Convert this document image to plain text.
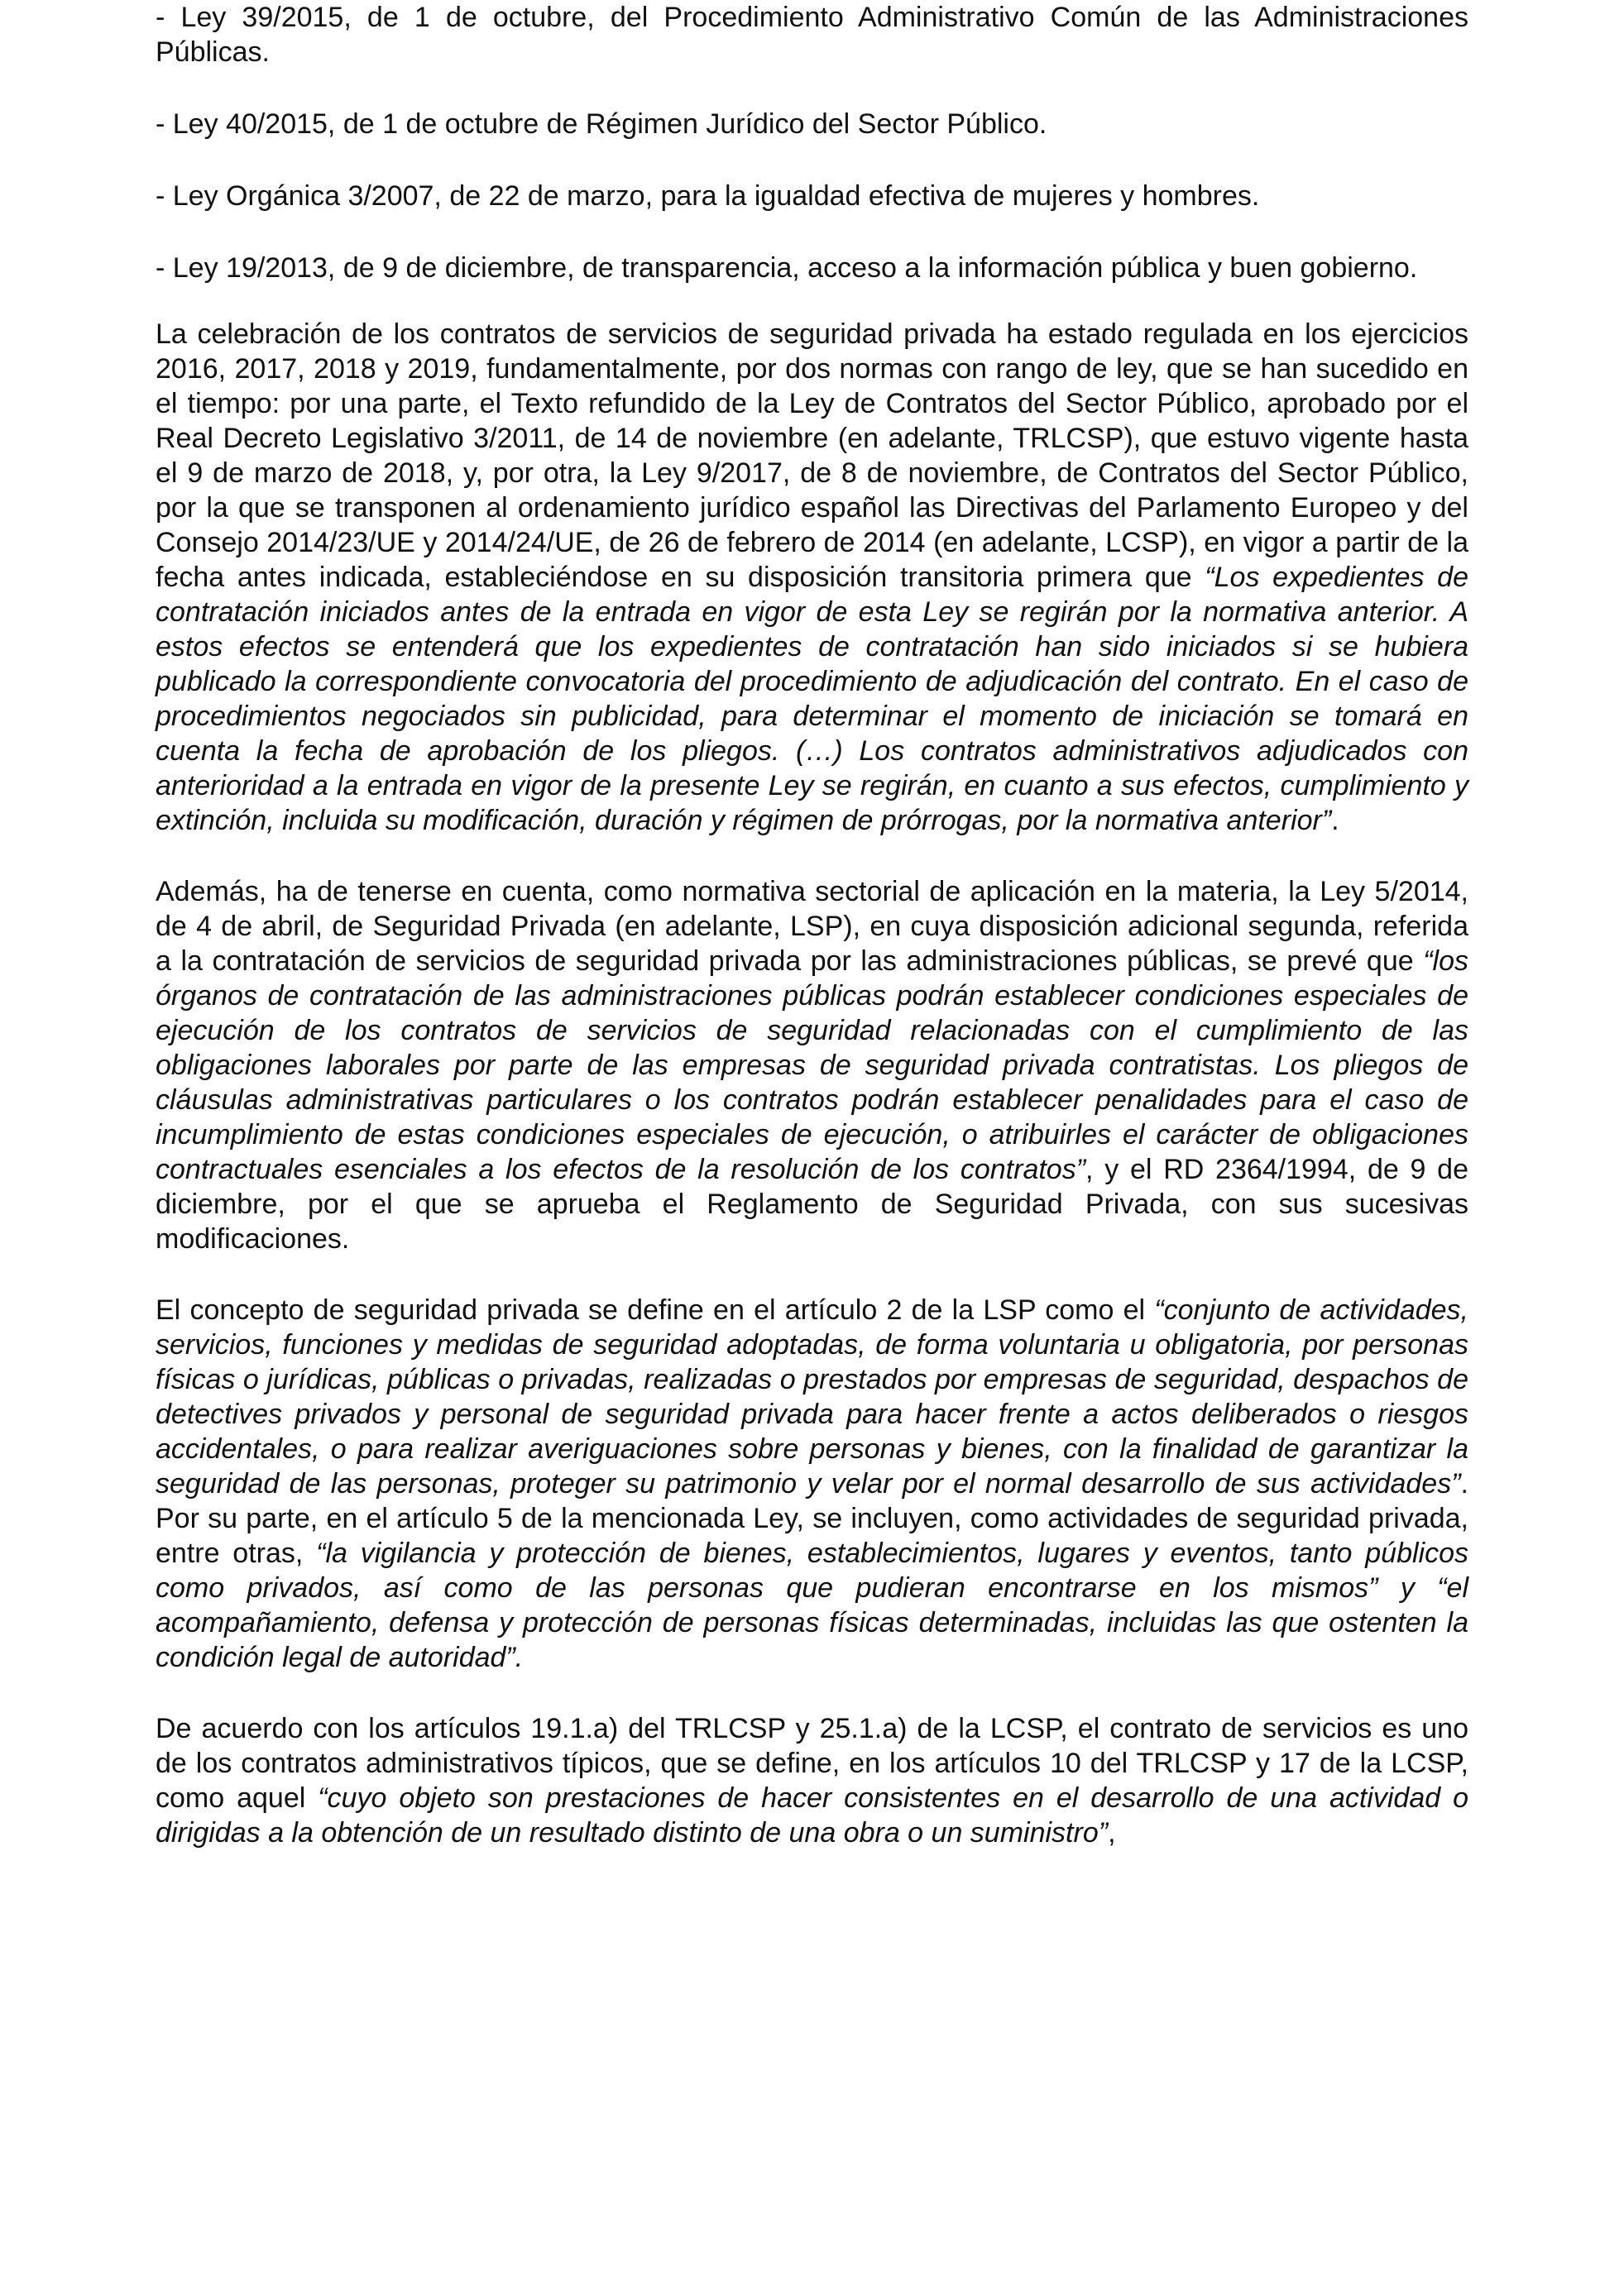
- Ley 39/2015, de 1 de octubre, del Procedimiento Administrativo Común de las Administraciones Públicas.

- Ley 40/2015, de 1 de octubre de Régimen Jurídico del Sector Público.

- Ley Orgánica 3/2007, de 22 de marzo, para la igualdad efectiva de mujeres y hombres.

- Ley 19/2013, de 9 de diciembre, de transparencia, acceso a la información pública y buen gobierno.

La celebración de los contratos de servicios de seguridad privada ha estado regulada en los ejercicios 2016, 2017, 2018 y 2019, fundamentalmente, por dos normas con rango de ley, que se han sucedido en el tiempo: por una parte, el Texto refundido de la Ley de Contratos del Sector Público, aprobado por el Real Decreto Legislativo 3/2011, de 14 de noviembre (en adelante, TRLCSP), que estuvo vigente hasta el 9 de marzo de 2018, y, por otra, la Ley 9/2017, de 8 de noviembre, de Contratos del Sector Público, por la que se transponen al ordenamiento jurídico español las Directivas del Parlamento Europeo y del Consejo 2014/23/UE y 2014/24/UE, de 26 de febrero de 2014 (en adelante, LCSP), en vigor a partir de la fecha antes indicada, estableciéndose en su disposición transitoria primera que “Los expedientes de contratación iniciados antes de la entrada en vigor de esta Ley se regirán por la normativa anterior. A estos efectos se entenderá que los expedientes de contratación han sido iniciados si se hubiera publicado la correspondiente convocatoria del procedimiento de adjudicación del contrato. En el caso de procedimientos negociados sin publicidad, para determinar el momento de iniciación se tomará en cuenta la fecha de aprobación de los pliegos. (…) Los contratos administrativos adjudicados con anterioridad a la entrada en vigor de la presente Ley se regirán, en cuanto a sus efectos, cumplimiento y extinción, incluida su modificación, duración y régimen de prórrogas, por la normativa anterior”.

Además, ha de tenerse en cuenta, como normativa sectorial de aplicación en la materia, la Ley 5/2014, de 4 de abril, de Seguridad Privada (en adelante, LSP), en cuya disposición adicional segunda, referida a la contratación de servicios de seguridad privada por las administraciones públicas, se prevé que “los órganos de contratación de las administraciones públicas podrán establecer condiciones especiales de ejecución de los contratos de servicios de seguridad relacionadas con el cumplimiento de las obligaciones laborales por parte de las empresas de seguridad privada contratistas. Los pliegos de cláusulas administrativas particulares o los contratos podrán establecer penalidades para el caso de incumplimiento de estas condiciones especiales de ejecución, o atribuirles el carácter de obligaciones contractuales esenciales a los efectos de la resolución de los contratos”, y el RD 2364/1994, de 9 de diciembre, por el que se aprueba el Reglamento de Seguridad Privada, con sus sucesivas modificaciones.

El concepto de seguridad privada se define en el artículo 2 de la LSP como el “conjunto de actividades, servicios, funciones y medidas de seguridad adoptadas, de forma voluntaria u obligatoria, por personas físicas o jurídicas, públicas o privadas, realizadas o prestados por empresas de seguridad, despachos de detectives privados y personal de seguridad privada para hacer frente a actos deliberados o riesgos accidentales, o para realizar averiguaciones sobre personas y bienes, con la finalidad de garantizar la seguridad de las personas, proteger su patrimonio y velar por el normal desarrollo de sus actividades”. Por su parte, en el artículo 5 de la mencionada Ley, se incluyen, como actividades de seguridad privada, entre otras, “la vigilancia y protección de bienes, establecimientos, lugares y eventos, tanto públicos como privados, así como de las personas que pudieran encontrarse en los mismos” y “el acompañamiento, defensa y protección de personas físicas determinadas, incluidas las que ostenten la condición legal de autoridad”.

De acuerdo con los artículos 19.1.a) del TRLCSP y 25.1.a) de la LCSP, el contrato de servicios es uno de los contratos administrativos típicos, que se define, en los artículos 10 del TRLCSP y 17 de la LCSP, como aquel “cuyo objeto son prestaciones de hacer consistentes en el desarrollo de una actividad o dirigidas a la obtención de un resultado distinto de una obra o un suministro”,
